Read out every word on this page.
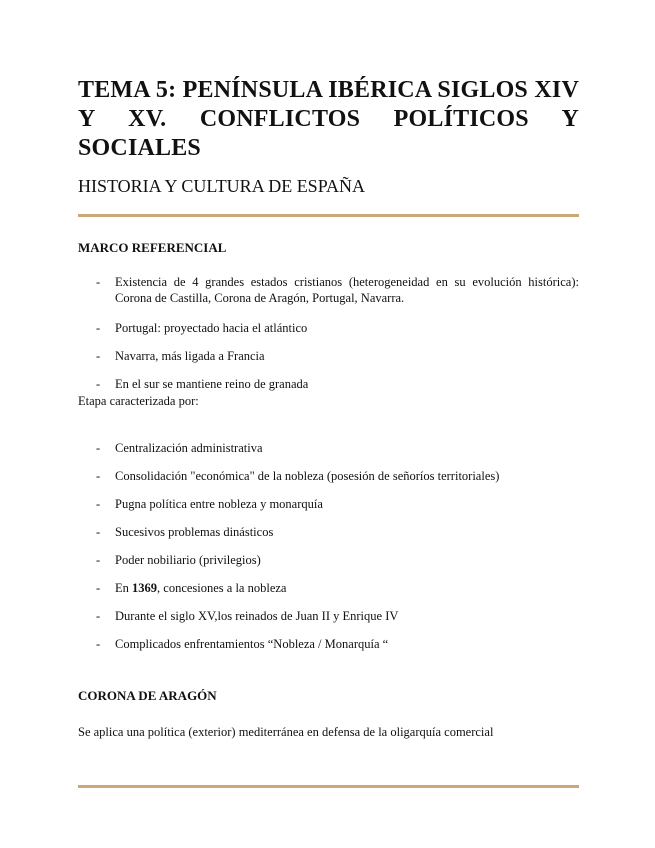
TEMA 5: PENÍNSULA IBÉRICA SIGLOS XIV Y XV. CONFLICTOS POLÍTICOS Y SOCIALES
HISTORIA Y CULTURA DE ESPAÑA
MARCO REFERENCIAL
- Existencia de 4 grandes estados cristianos (heterogeneidad en su evolución histórica): Corona de Castilla, Corona de Aragón, Portugal, Navarra.
- Portugal: proyectado hacia el atlántico
- Navarra, más ligada a Francia
- En el sur se mantiene reino de granada

Etapa caracterizada por:

- Centralización administrativa
- Consolidación "económica" de la nobleza (posesión de señoríos territoriales)
- Pugna política entre nobleza y monarquía
- Sucesivos problemas dinásticos
- Poder nobiliario (privilegios)
- En 1369, concesiones a la nobleza
- Durante el siglo XV,los reinados de Juan II y Enrique IV
- Complicados enfrentamientos “Nobleza / Monarquía “
CORONA DE ARAGÓN

Se aplica una política (exterior) mediterránea en defensa de la oligarquía comercial
